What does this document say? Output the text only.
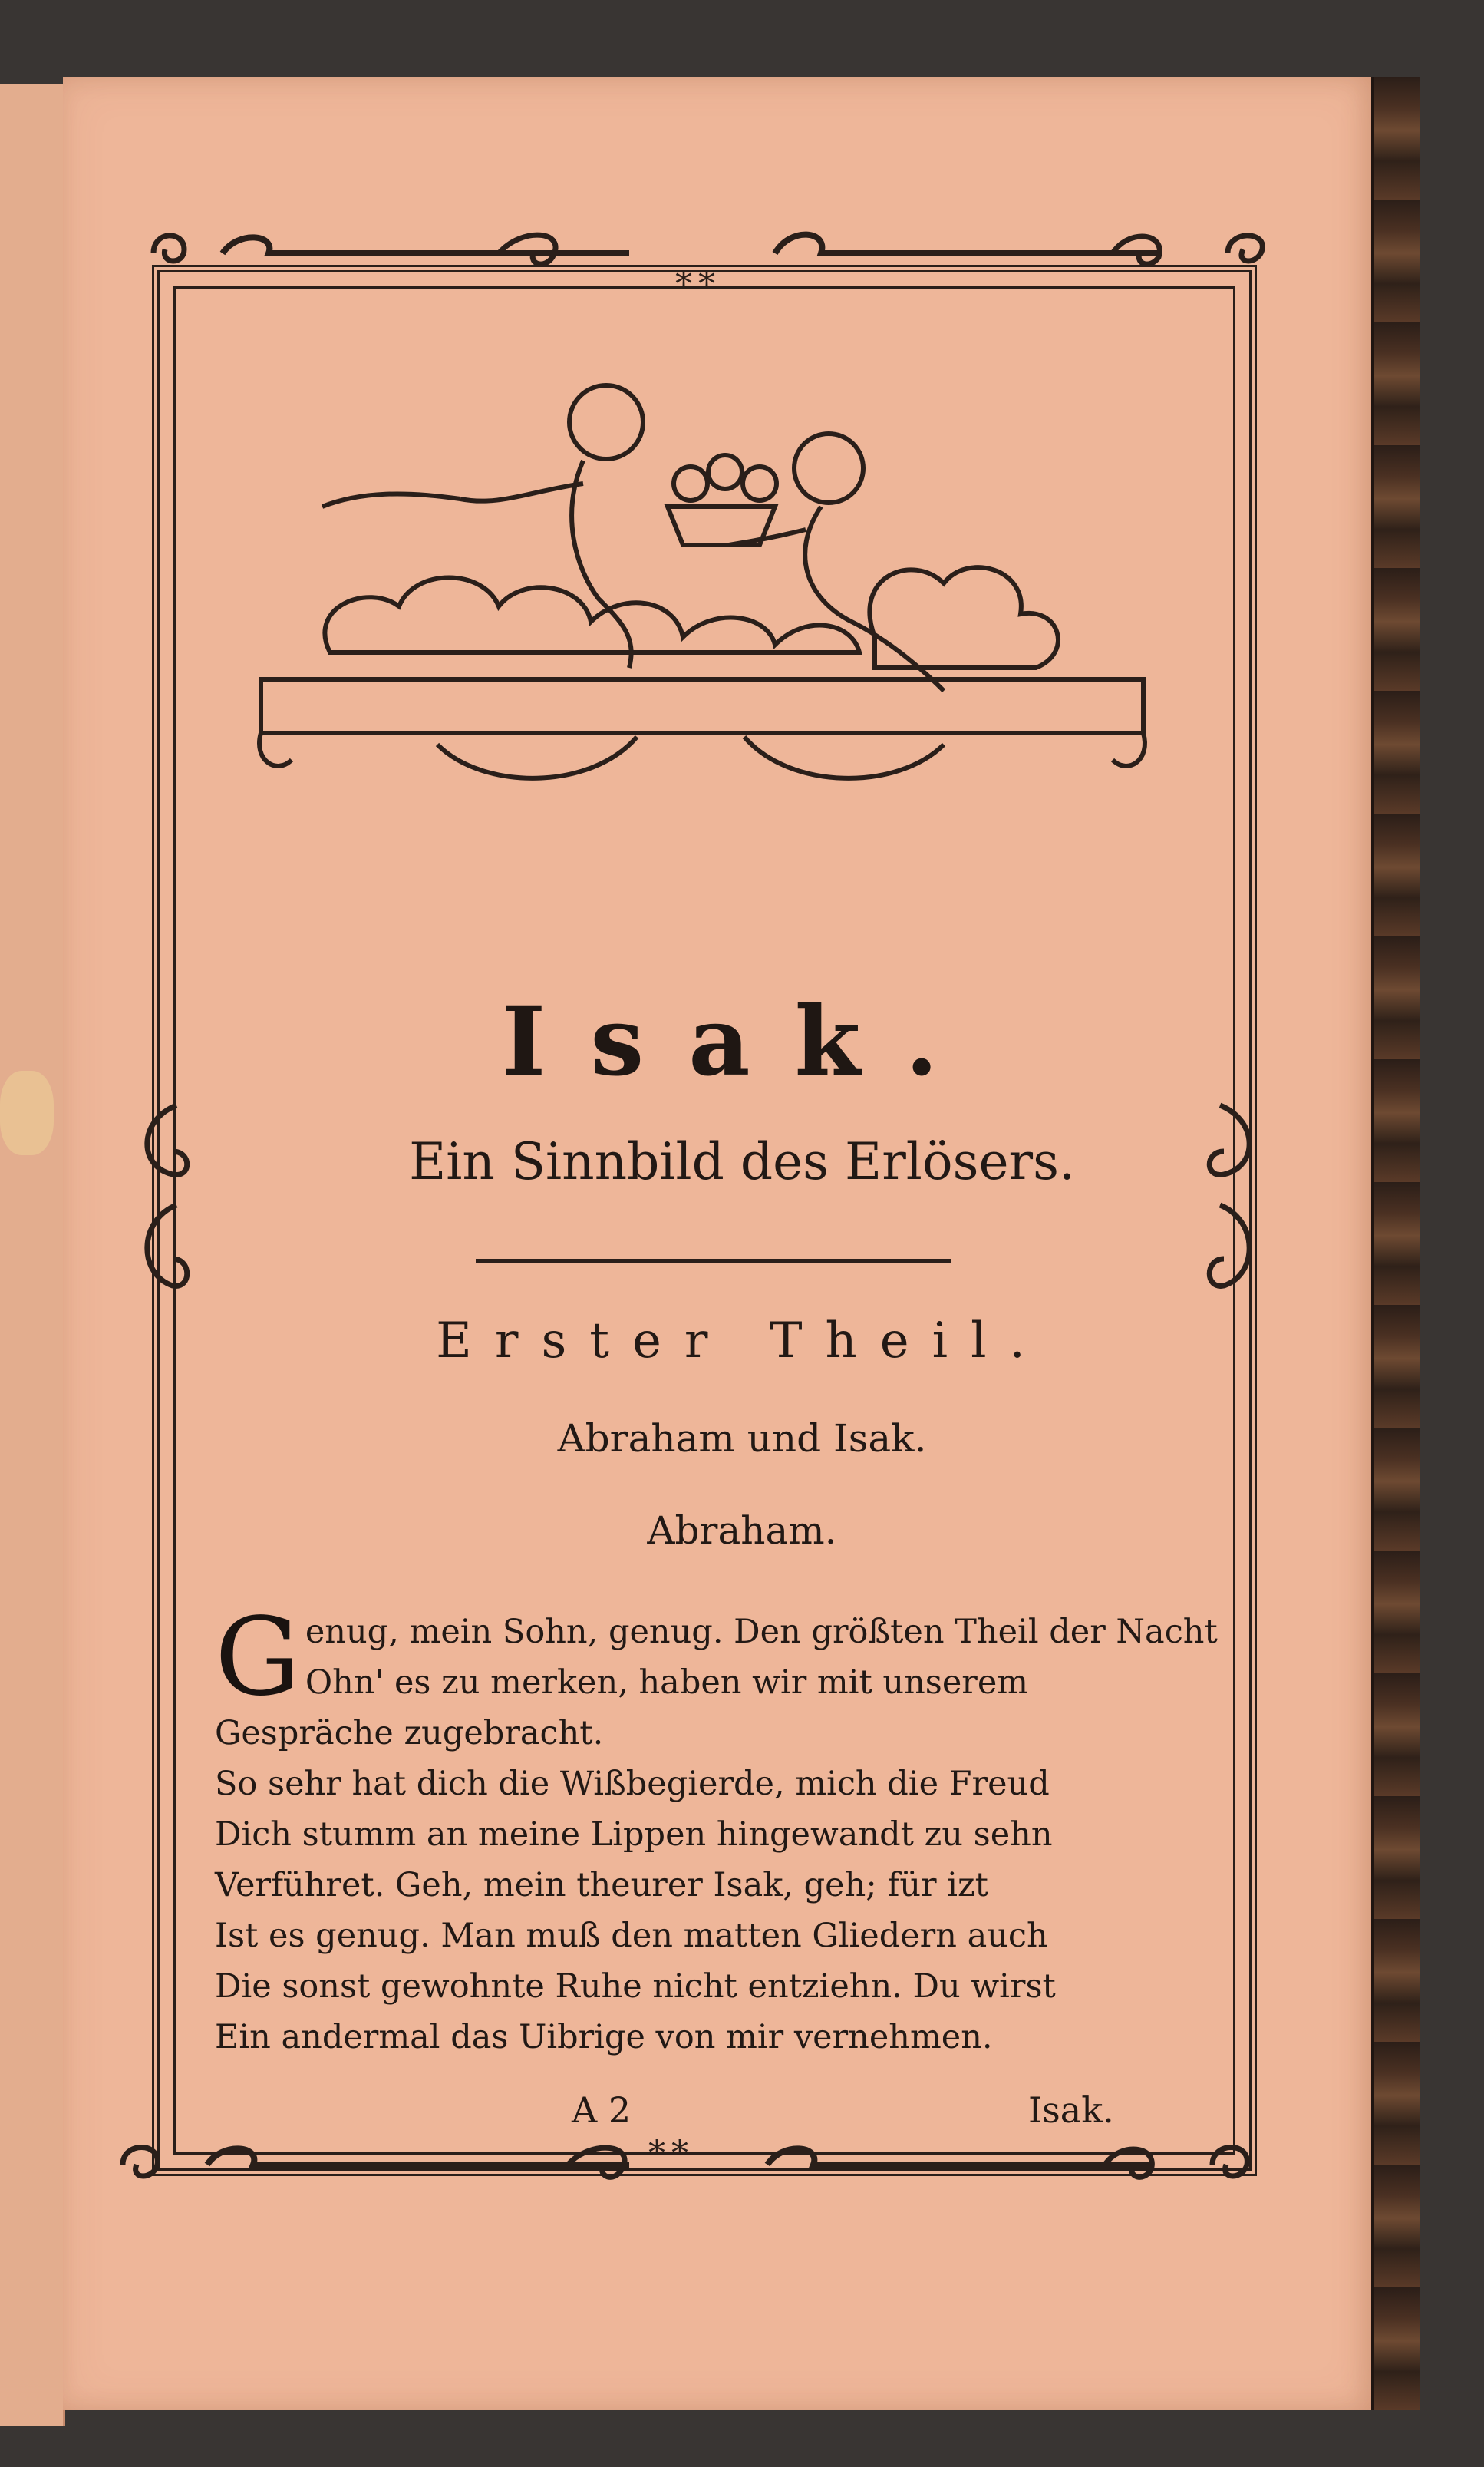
**
**
Isak.
Ein Sinnbild des Erlösers.
Erster Theil.
Abraham und Isak.
Abraham.
Genug, mein Sohn, genug. Den größten Theil der Nacht
Ohn' es zu merken, haben wir mit unserem
Gespräche zugebracht.
So sehr hat dich die Wißbegierde, mich die Freud
Dich stumm an meine Lippen hingewandt zu sehn
Verführet. Geh, mein theurer Isak, geh; für izt
Ist es genug. Man muß den matten Gliedern auch
Die sonst gewohnte Ruhe nicht entziehn. Du wirst
Ein andermal das Uibrige von mir vernehmen.
A 2	Isak.
